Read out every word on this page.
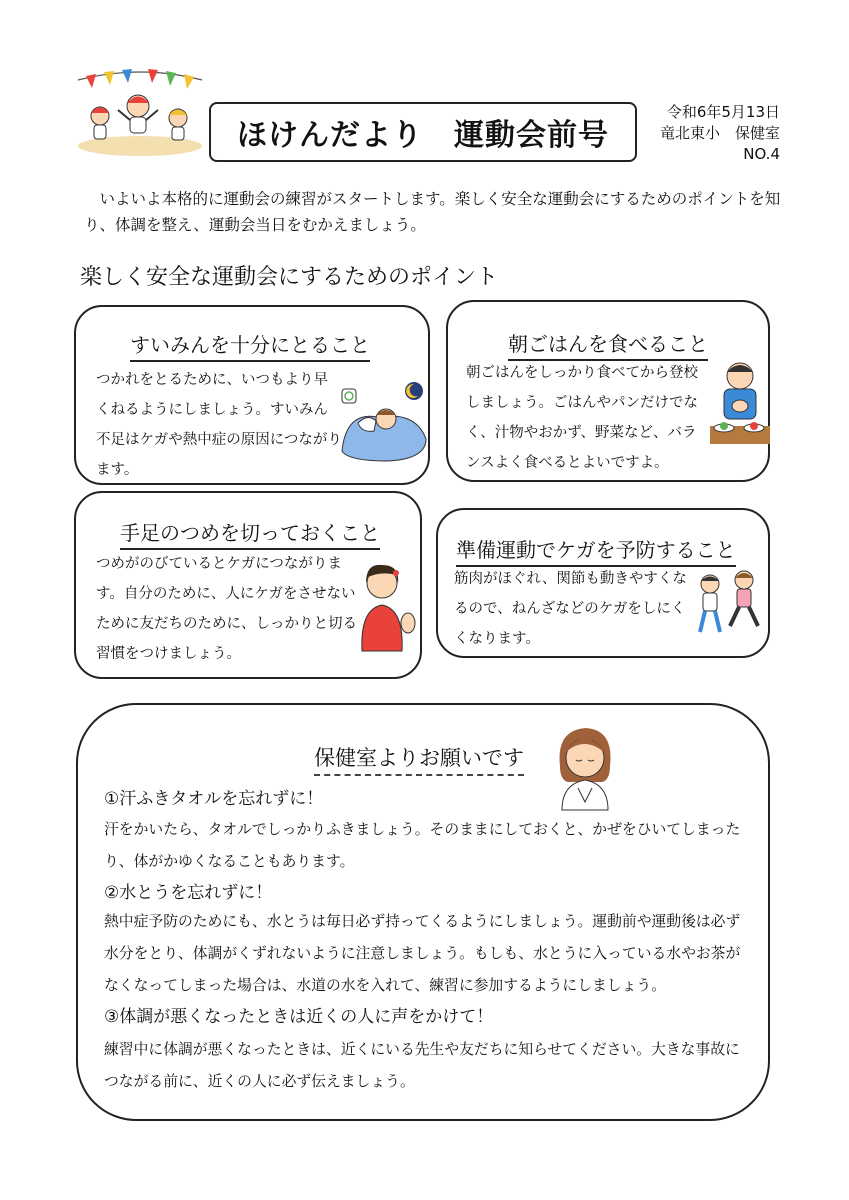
ほけんだより　運動会前号
令和6年5月13日
竜北東小　保健室
NO.4
　いよいよ本格的に運動会の練習がスタートします。楽しく安全な運動会にするためのポイントを知り、体調を整え、運動会当日をむかえましょう。
楽しく安全な運動会にするためのポイント
すいみんを十分にとること
つかれをとるために、いつもより早くねるようにしましょう。すいみん不足はケガや熱中症の原因につながります。
朝ごはんを食べること
朝ごはんをしっかり食べてから登校しましょう。ごはんやパンだけでなく、汁物やおかず、野菜など、バランスよく食べるとよいですよ。
手足のつめを切っておくこと
つめがのびているとケガにつながります。自分のために、人にケガをさせないために友だちのために、しっかりと切る習慣をつけましょう。
準備運動でケガを予防すること
筋肉がほぐれ、関節も動きやすくなるので、ねんざなどのケガをしにくくなります。
保健室よりお願いです
①汗ふきタオルを忘れずに！
汗をかいたら、タオルでしっかりふきましょう。そのままにしておくと、かぜをひいてしまったり、体がかゆくなることもあります。
②水とうを忘れずに！
熱中症予防のためにも、水とうは毎日必ず持ってくるようにしましょう。運動前や運動後は必ず水分をとり、体調がくずれないように注意しましょう。もしも、水とうに入っている水やお茶がなくなってしまった場合は、水道の水を入れて、練習に参加するようにしましょう。
③体調が悪くなったときは近くの人に声をかけて！
練習中に体調が悪くなったときは、近くにいる先生や友だちに知らせてください。大きな事故につながる前に、近くの人に必ず伝えましょう。
